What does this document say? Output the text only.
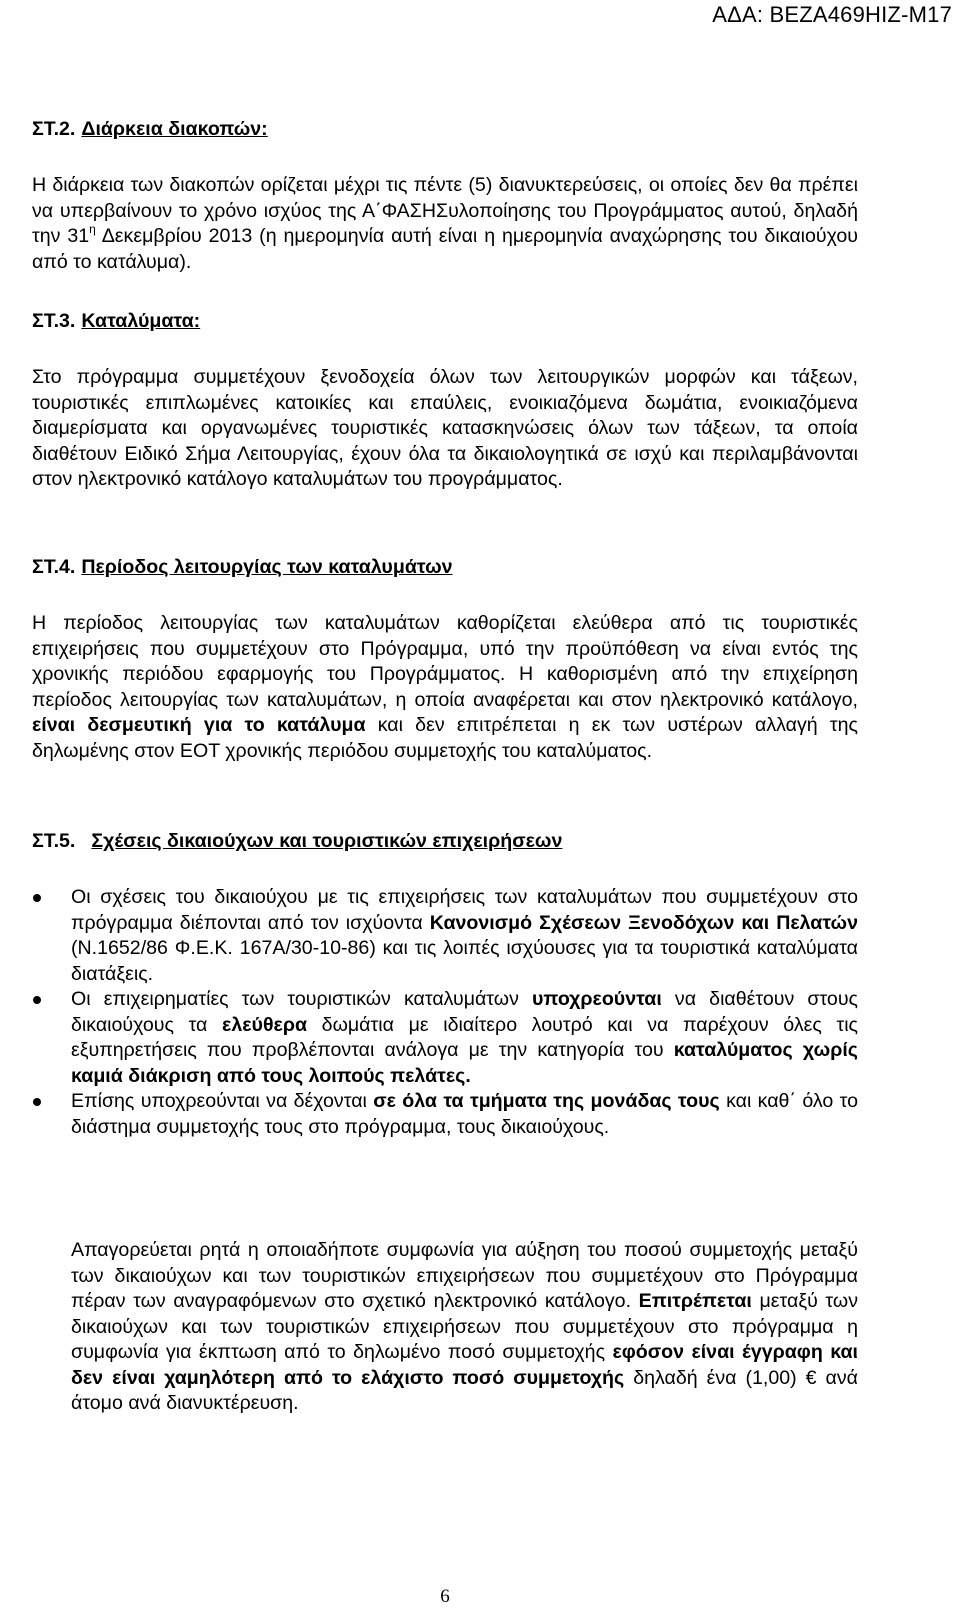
ΑΔΑ: ΒΕΖΑ469ΗΙΖ-Μ17
ΣΤ.2. Διάρκεια διακοπών:

Η διάρκεια των διακοπών ορίζεται μέχρι τις πέντε (5) διανυκτερεύσεις, οι οποίες δεν θα πρέπει να υπερβαίνουν το χρόνο ισχύος της Α΄ΦΑΣΗΣυλοποίησης του Προγράμματος αυτού, δηλαδή την $31^\eta$ Δεκεμβρίου 2013 (η ημερομηνία αυτή είναι η ημερομηνία αναχώρησης του δικαιούχου από το κατάλυμα).

ΣΤ.3. Καταλύματα:

Στο πρόγραμμα συμμετέχουν ξενοδοχεία όλων των λειτουργικών μορφών και τάξεων, τουριστικές επιπλωμένες κατοικίες και επαύλεις, ενοικιαζόμενα δωμάτια, ενοικιαζόμενα διαμερίσματα και οργανωμένες τουριστικές κατασκηνώσεις όλων των τάξεων, τα οποία διαθέτουν Ειδικό Σήμα Λειτουργίας, έχουν όλα τα δικαιολογητικά σε ισχύ και περιλαμβάνονται στον ηλεκτρονικό κατάλογο καταλυμάτων του προγράμματος.

ΣΤ.4. Περίοδος λειτουργίας των καταλυμάτων

Η περίοδος λειτουργίας των καταλυμάτων καθορίζεται ελεύθερα από τις τουριστικές επιχειρήσεις που συμμετέχουν στο Πρόγραμμα, υπό την προϋπόθεση να είναι εντός της χρονικής περιόδου εφαρμογής του Προγράμματος. Η καθορισμένη από την επιχείρηση περίοδος λειτουργίας των καταλυμάτων, η οποία αναφέρεται και στον ηλεκτρονικό κατάλογο, είναι δεσμευτική για το κατάλυμα και δεν επιτρέπεται η εκ των υστέρων αλλαγή της δηλωμένης στον ΕΟΤ χρονικής περιόδου συμμετοχής του καταλύματος.

ΣΤ.5. Σχέσεις δικαιούχων και τουριστικών επιχειρήσεων
Οι σχέσεις του δικαιούχου με τις επιχειρήσεις των καταλυμάτων που συμμετέχουν στο πρόγραμμα διέπονται από τον ισχύοντα Κανονισμό Σχέσεων Ξενοδόχων και Πελατών (Ν.1652/86 Φ.Ε.Κ. 167Α/30-10-86) και τις λοιπές ισχύουσες για τα τουριστικά καταλύματα διατάξεις.
Οι επιχειρηματίες των τουριστικών καταλυμάτων υποχρεούνται να διαθέτουν στους δικαιούχους τα ελεύθερα δωμάτια με ιδιαίτερο λουτρό και να παρέχουν όλες τις εξυπηρετήσεις που προβλέπονται ανάλογα με την κατηγορία του καταλύματος χωρίς καμιά διάκριση από τους λοιπούς πελάτες.
Επίσης υποχρεούνται να δέχονται σε όλα τα τμήματα της μονάδας τους και καθ΄ όλο το διάστημα συμμετοχής τους στο πρόγραμμα, τους δικαιούχους.

Απαγορεύεται ρητά η οποιαδήποτε συμφωνία για αύξηση του ποσού συμμετοχής μεταξύ των δικαιούχων και των τουριστικών επιχειρήσεων που συμμετέχουν στο Πρόγραμμα πέραν των αναγραφόμενων στο σχετικό ηλεκτρονικό κατάλογο. Επιτρέπεται μεταξύ των δικαιούχων και των τουριστικών επιχειρήσεων που συμμετέχουν στο πρόγραμμα η συμφωνία για έκπτωση από το δηλωμένο ποσό συμμετοχής εφόσον είναι έγγραφη και δεν είναι χαμηλότερη από το ελάχιστο ποσό συμμετοχής δηλαδή ένα (1,00) € ανά άτομο ανά διανυκτέρευση.

6
